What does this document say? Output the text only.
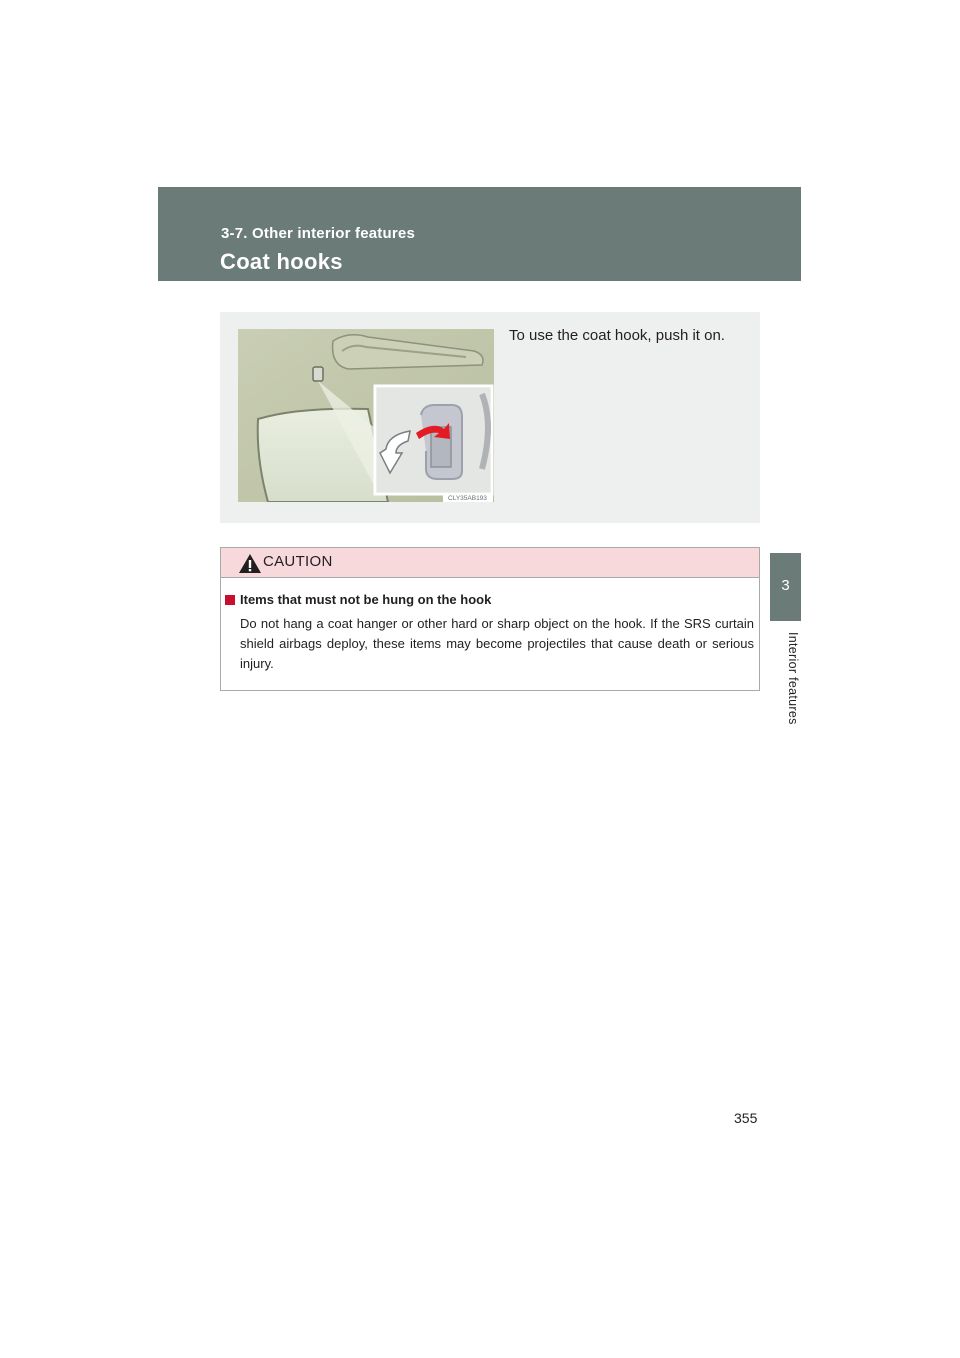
3-7. Other interior features
Coat hooks
3
Interior features
CLY35AB193
To use the coat hook, push it on.
CAUTION
Items that must not be hung on the hook

Do not hang a coat hanger or other hard or sharp object on the hook. If the SRS curtain shield airbags deploy, these items may become projectiles that cause death or serious injury.

355
